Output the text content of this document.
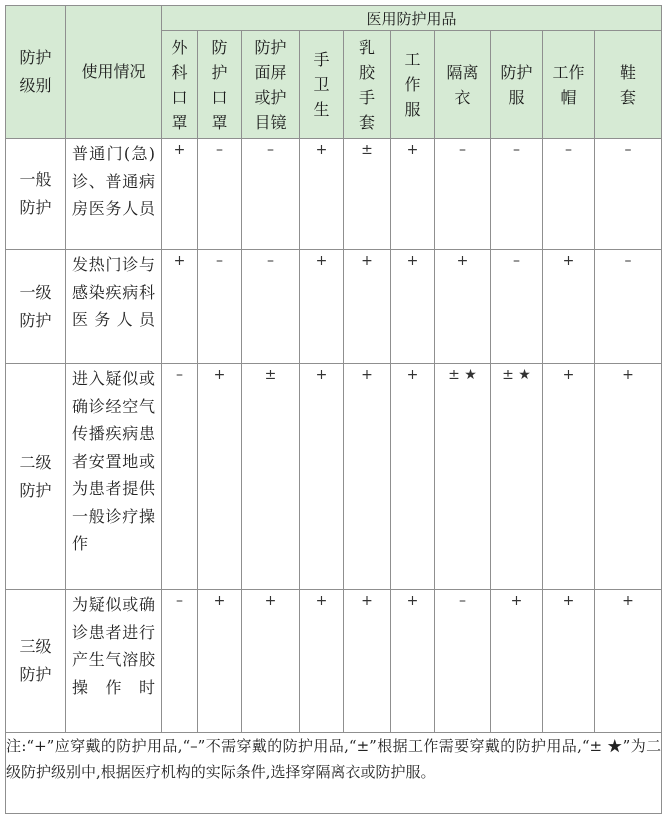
防护级别	使用情况	医用防护用品									
		外科口罩	防护口罩	防护面屏或护目镜	手卫生	乳胶手套	工作服	隔离衣	防护服	工作帽	鞋套
一般防护	普通门(急)诊、普通病房医务人员	+	–	–	+	±	+	–	–	–	–
一级防护	发热门诊与感染疾病科医务人员	+	–	–	+	+	+	+	–	+	–
二级防护	进入疑似或确诊经空气传播疾病患者安置地或为患者提供一般诊疗操作	–	+	±	+	+	+	± ★	± ★	+	+
三级防护	为疑似或确诊患者进行产生气溶胶操作时	–	+	+	+	+	+	–	+	+	+
注:“+”应穿戴的防护用品,“–”不需穿戴的防护用品,“±”根据工作需要穿戴的防护用品,“± ★”为二级防护级别中,根据医疗机构的实际条件,选择穿隔离衣或防护服。											
